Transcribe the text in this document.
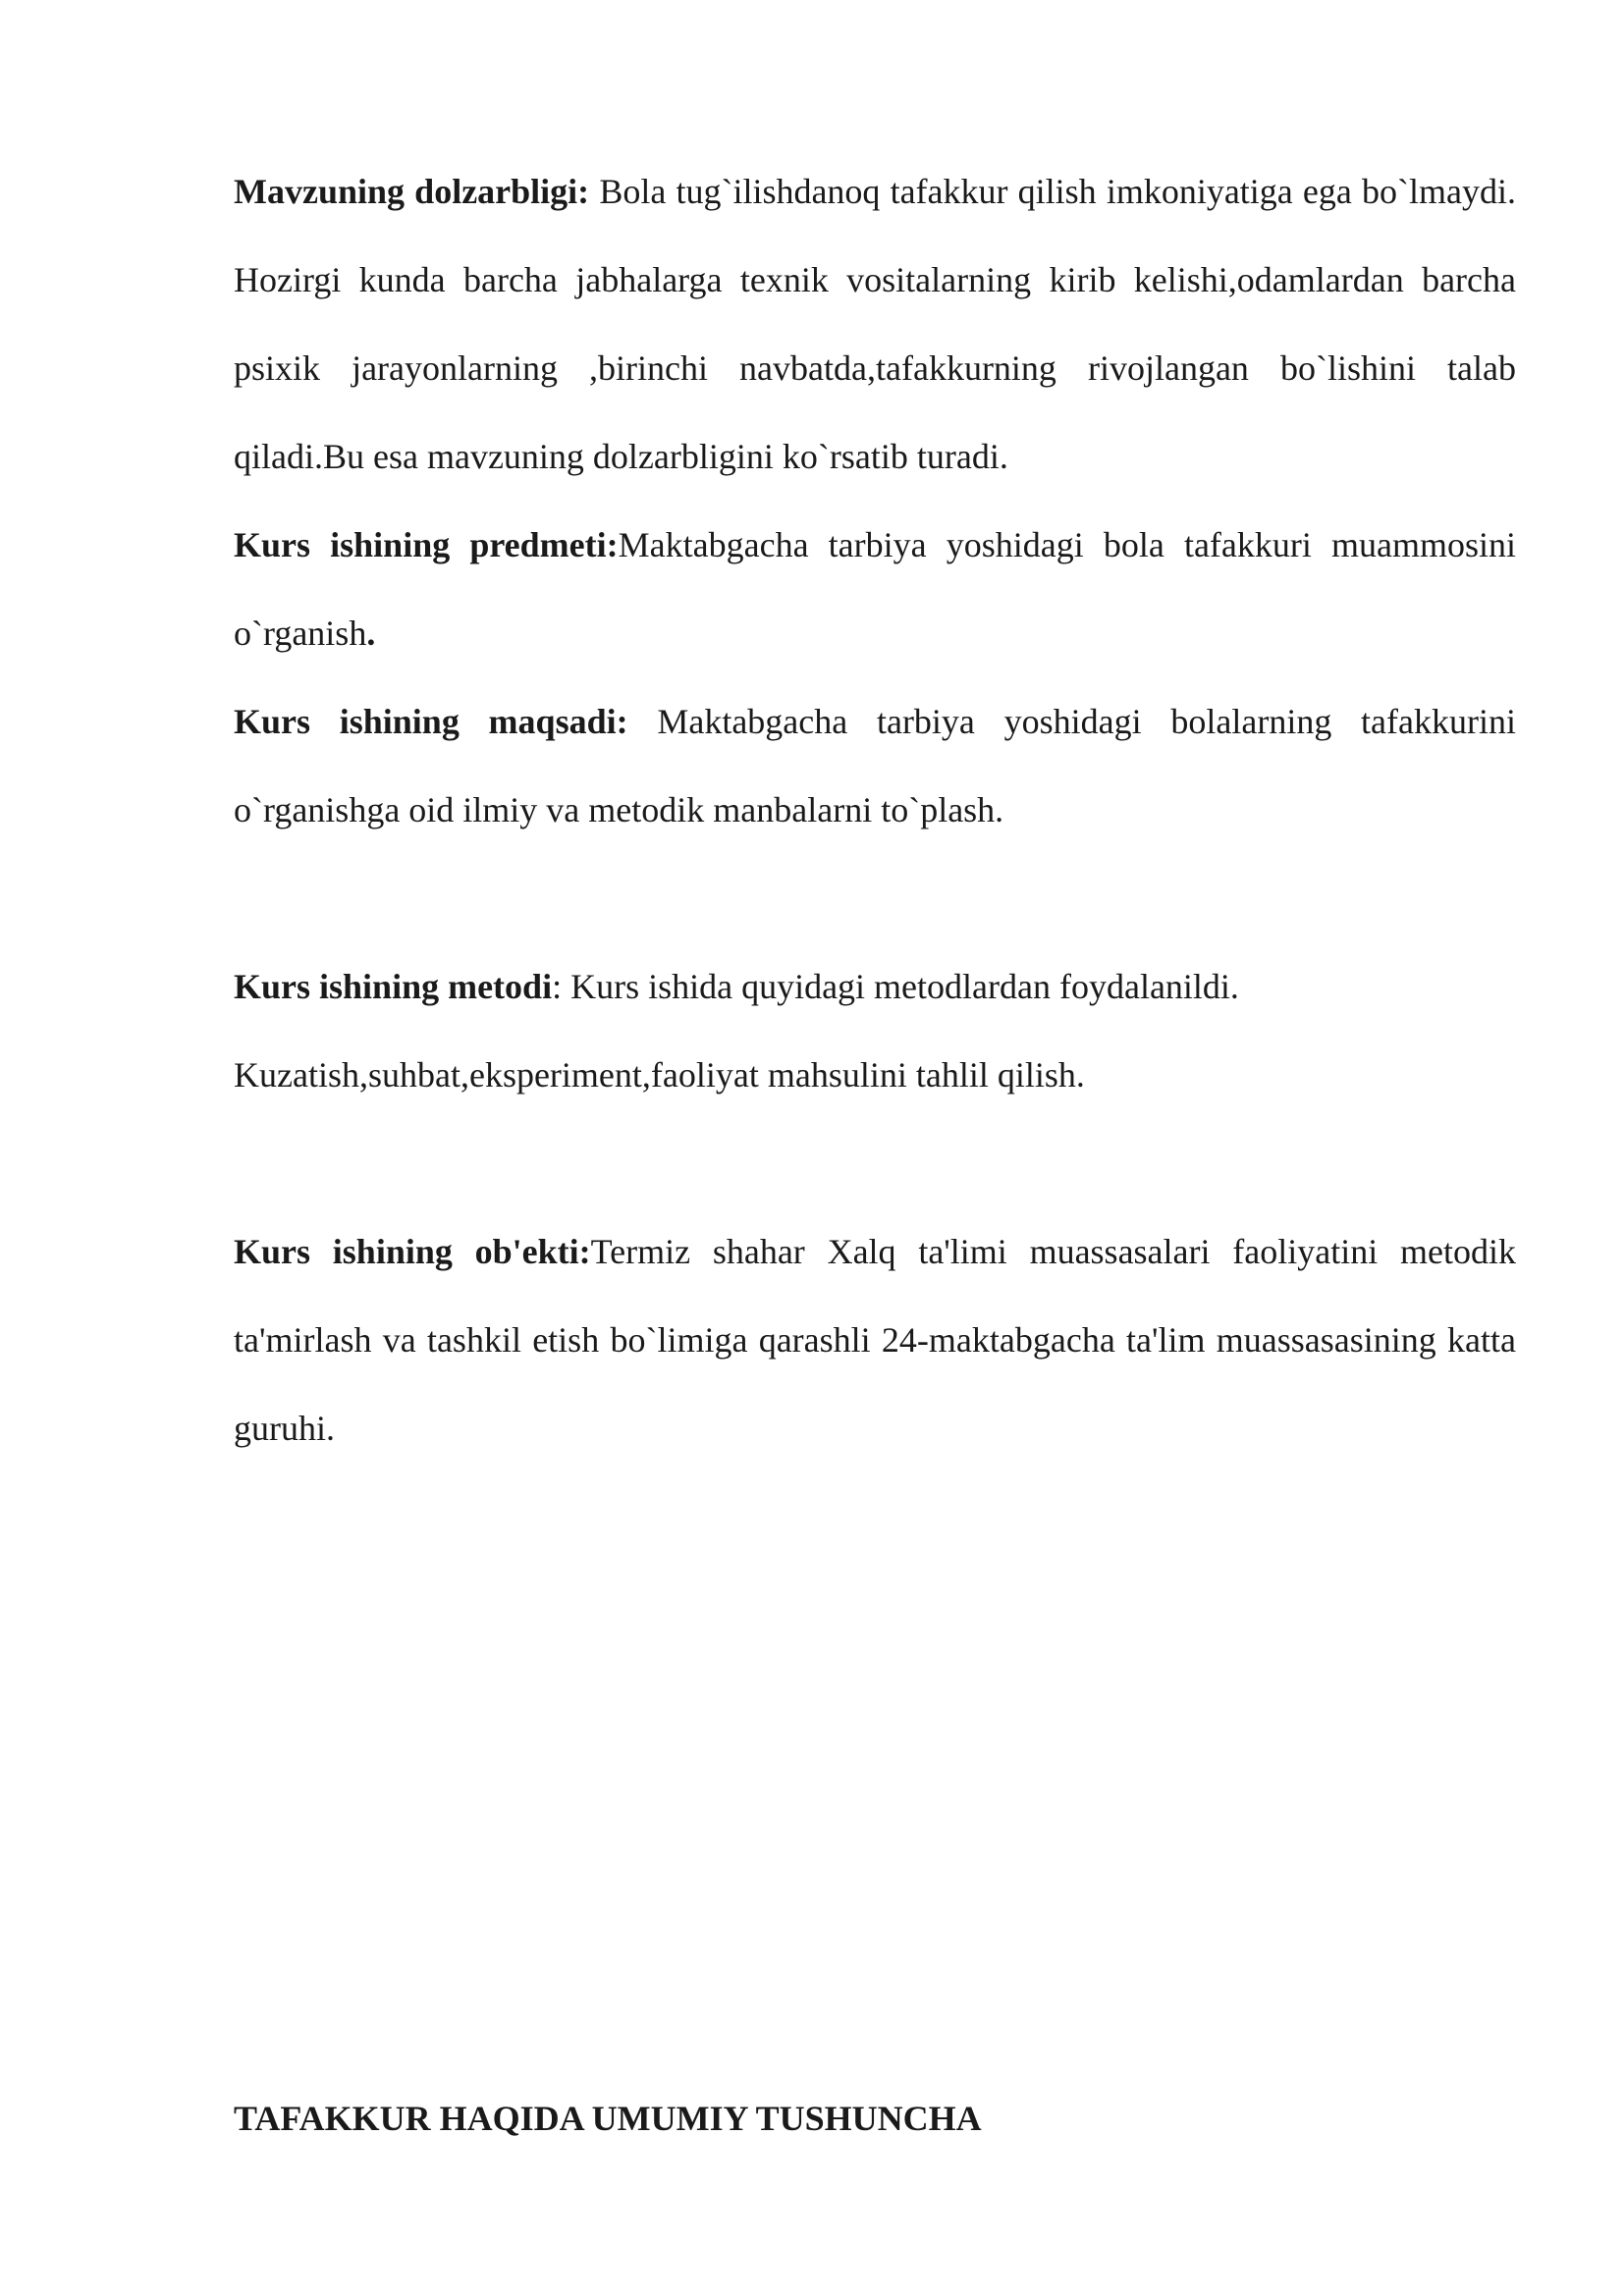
Mavzuning dolzarbligi: Bola tug`ilishdanoq tafakkur qilish imkoniyatiga ega bo`lmaydi. Hozirgi kunda barcha jabhalarga texnik vositalarning kirib kelishi,odamlardan barcha psixik jarayonlarning ,birinchi navbatda,tafakkurning rivojlangan bo`lishini talab qiladi.Bu esa mavzuning dolzarbligini ko`rsatib turadi.

Kurs ishining predmeti:Maktabgacha tarbiya yoshidagi bola tafakkuri muammosini o`rganish.

Kurs ishining maqsadi: Maktabgacha tarbiya yoshidagi bolalarning tafakkurini o`rganishga oid ilmiy va metodik manbalarni to`plash.

Kurs ishining metodi: Kurs ishida quyidagi metodlardan foydalanildi.

Kuzatish,suhbat,eksperiment,faoliyat mahsulini tahlil qilish.

Kurs ishining ob'ekti:Termiz shahar Xalq ta'limi muassasalari faoliyatini metodik ta'mirlash va tashkil etish bo`limiga qarashli 24-maktabgacha ta'lim muassasasining katta guruhi.

TAFAKKUR HAQIDA UMUMIY TUSHUNCHA
